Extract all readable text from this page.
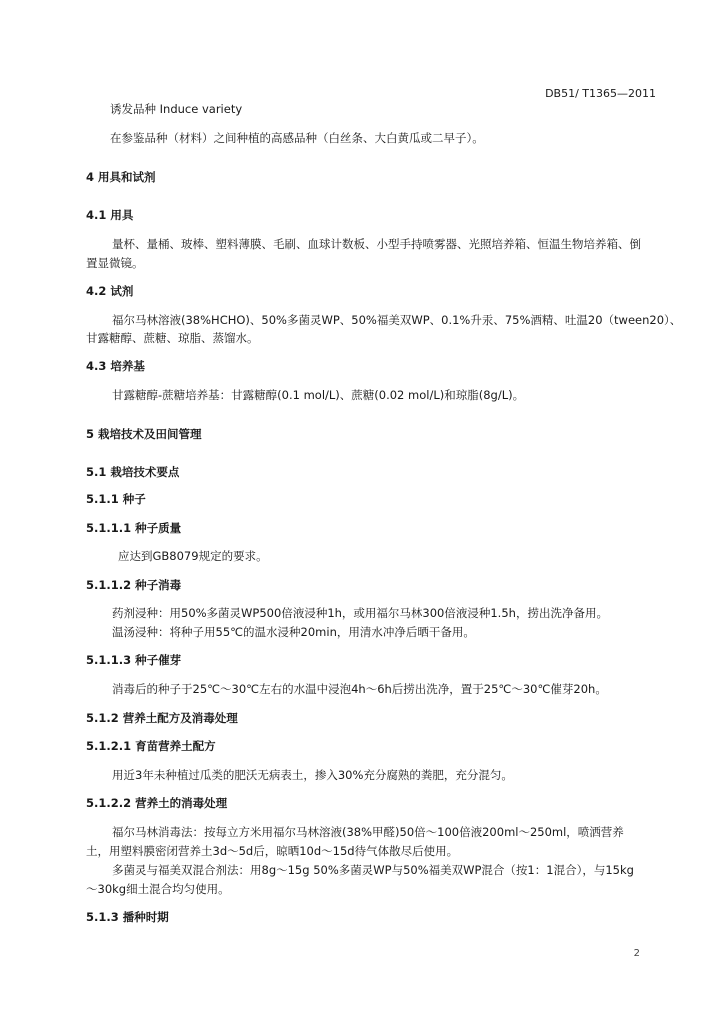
DB51/ T1365—2011
诱发品种 Induce variety
在参鉴品种（材料）之间种植的高感品种（白丝条、大白黄瓜或二早子）。
4 用具和试剂
4.1 用具
量杯、量桶、玻棒、塑料薄膜、毛刷、血球计数板、小型手持喷雾器、光照培养箱、恒温生物培养箱、倒
置显微镜。
4.2 试剂
福尔马林溶液(38%HCHO)、50%多菌灵WP、50%福美双WP、0.1%升汞、75%酒精、吐温20（tween20）、
甘露糖醇、蔗糖、琼脂、蒸馏水。
4.3 培养基
甘露糖醇-蔗糖培养基：甘露糖醇(0.1 mol/L)、蔗糖(0.02 mol/L)和琼脂(8g/L)。
5 栽培技术及田间管理
5.1 栽培技术要点
5.1.1 种子
5.1.1.1 种子质量
应达到GB8079规定的要求。
5.1.1.2 种子消毒
药剂浸种：用50%多菌灵WP500倍液浸种1h，或用福尔马林300倍液浸种1.5h，捞出洗净备用。
温汤浸种：将种子用55℃的温水浸种20min，用清水冲净后晒干备用。
5.1.1.3 种子催芽
消毒后的种子于25℃～30℃左右的水温中浸泡4h～6h后捞出洗净，置于25℃～30℃催芽20h。
5.1.2 营养土配方及消毒处理
5.1.2.1 育苗营养土配方
用近3年未种植过瓜类的肥沃无病表土，掺入30%充分腐熟的粪肥，充分混匀。
5.1.2.2 营养土的消毒处理
福尔马林消毒法：按每立方米用福尔马林溶液(38%甲醛)50倍～100倍液200ml～250ml，喷洒营养
土，用塑料膜密闭营养土3d～5d后，晾晒10d～15d待气体散尽后使用。
多菌灵与福美双混合剂法：用8g～15g 50%多菌灵WP与50%福美双WP混合（按1：1混合），与15kg
～30kg细土混合均匀使用。
5.1.3 播种时期
2
